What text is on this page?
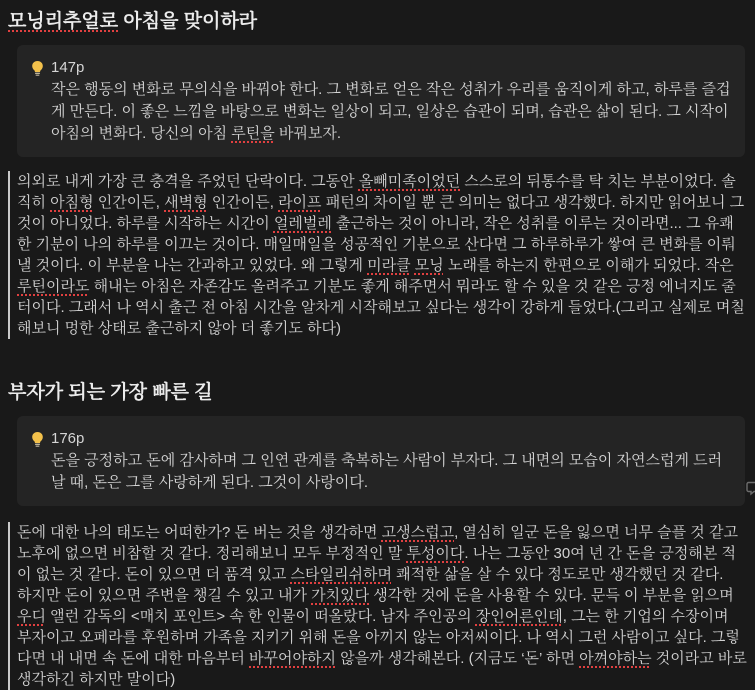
모닝리추얼로 아침을 맞이하라
147p
작은 행동의 변화로 무의식을 바꿔야 한다. 그 변화로 얻은 작은 성취가 우리를 움직이게 하고, 하루를 즐겁게 만든다. 이 좋은 느낌을 바탕으로 변화는 일상이 되고, 일상은 습관이 되며, 습관은 삶이 된다. 그 시작이 아침의 변화다. 당신의 아침 루틴을 바꿔보자.
의외로 내게 가장 큰 충격을 주었던 단락이다. 그동안 올빼미족이었던 스스로의 뒤통수를 탁 치는 부분이었다. 솔직히 아침형 인간이든, 새벽형 인간이든, 라이프 패턴의 차이일 뿐 큰 의미는 없다고 생각했다. 하지만 읽어보니 그것이 아니었다. 하루를 시작하는 시간이 얼레벌레 출근하는 것이 아니라, 작은 성취를 이루는 것이라면... 그 유쾌한 기분이 나의 하루를 이끄는 것이다. 매일매일을 성공적인 기분으로 산다면 그 하루하루가 쌓여 큰 변화를 이뤄낼 것이다. 이 부분을 나는 간과하고 있었다. 왜 그렇게 미라클 모닝 노래를 하는지 한편으로 이해가 되었다. 작은 루틴이라도 해내는 아침은 자존감도 올려주고 기분도 좋게 해주면서 뭐라도 할 수 있을 것 같은 긍정 에너지도 줄 터이다. 그래서 나 역시 출근 전 아침 시간을 알차게 시작해보고 싶다는 생각이 강하게 들었다.(그리고 실제로 며칠 해보니 멍한 상태로 출근하지 않아 더 좋기도 하다)
부자가 되는 가장 빠른 길
176p
돈을 긍정하고 돈에 감사하며 그 인연 관계를 축복하는 사람이 부자다. 그 내면의 모습이 자연스럽게 드러날 때, 돈은 그를 사랑하게 된다. 그것이 사랑이다.
돈에 대한 나의 태도는 어떠한가? 돈 버는 것을 생각하면 고생스럽고, 열심히 일군 돈을 잃으면 너무 슬플 것 같고 노후에 없으면 비참할 것 같다. 정리해보니 모두 부정적인 말 투성이다. 나는 그동안 30여 년 간 돈을 긍정해본 적이 없는 것 같다. 돈이 있으면 더 품격 있고 스타일리쉬하며 쾌적한 삶을 살 수 있다 정도로만 생각했던 것 같다.
하지만 돈이 있으면 주변을 챙길 수 있고 내가 가치있다 생각한 것에 돈을 사용할 수 있다. 문득 이 부분을 읽으며 우디 앨런 감독의 <매치 포인트> 속 한 인물이 떠올랐다. 남자 주인공의 장인어른인데, 그는 한 기업의 수장이며 부자이고 오페라를 후원하며 가족을 지키기 위해 돈을 아끼지 않는 아저씨이다. 나 역시 그런 사람이고 싶다. 그렇다면 내 내면 속 돈에 대한 마음부터 바꾸어야하지 않을까 생각해본다. (지금도 ‘돈’ 하면 아껴야하는 것이라고 바로 생각하긴 하지만 말이다)
